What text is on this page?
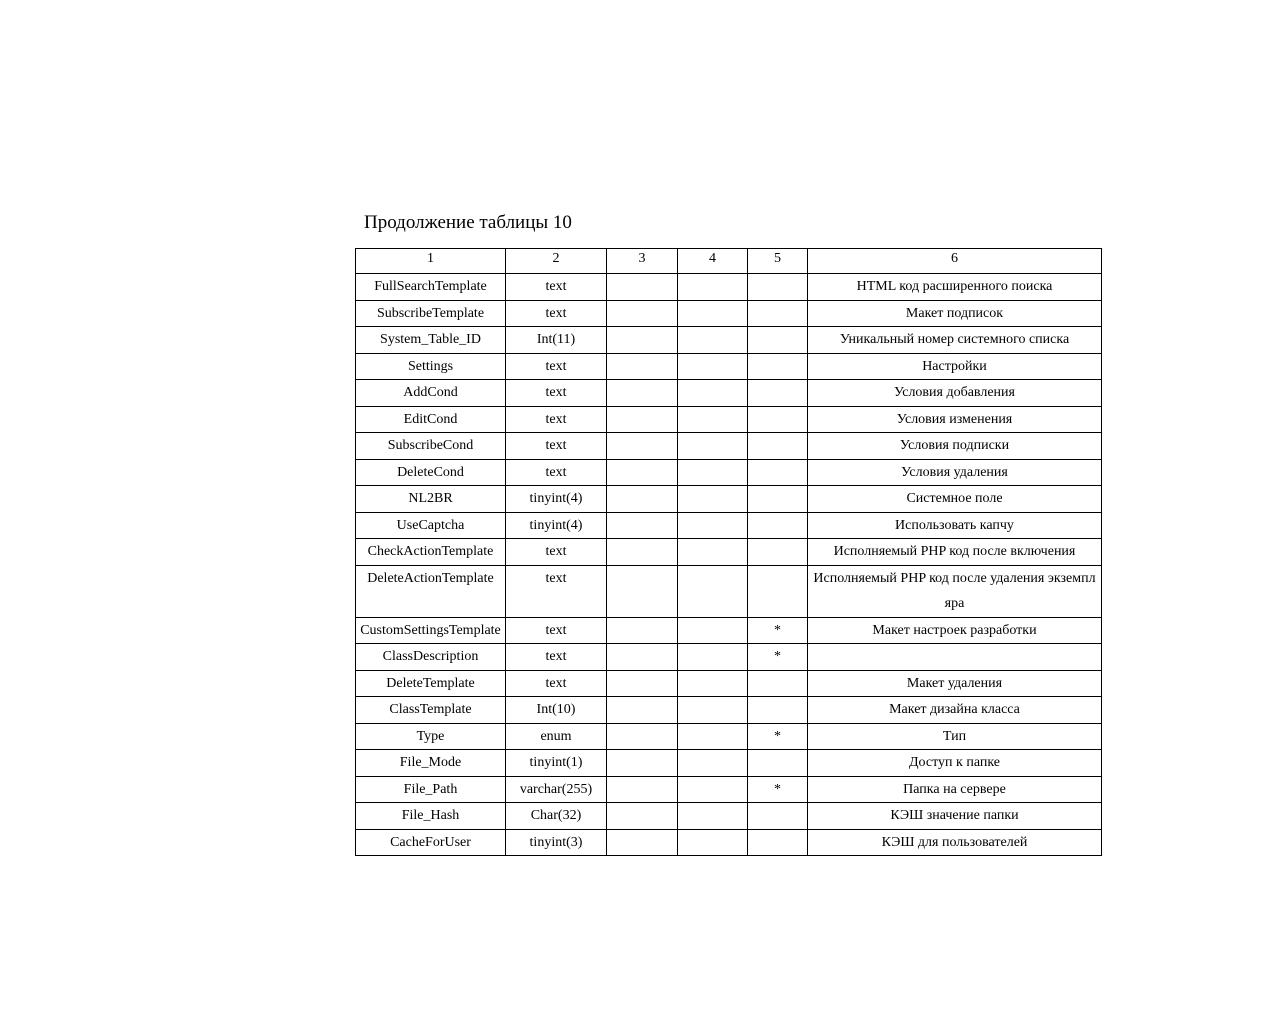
Продолжение таблицы 10
1	2	3	4	5	6
FullSearchTemplate	text				HTML код расширенного поиска
SubscribeTemplate	text				Макет подписок
System_Table_ID	Int(11)				Уникальный номер системного списка
Settings	text				Настройки
AddCond	text				Условия добавления
EditCond	text				Условия изменения
SubscribeCond	text				Условия подписки
DeleteCond	text				Условия удаления
NL2BR	tinyint(4)				Системное поле
UseCaptcha	tinyint(4)				Использовать капчу
CheckActionTemplate	text				Исполняемый PHP код после включения
DeleteActionTemplate	text				Исполняемый PHP код после удаления экземпляра
CustomSettingsTemplate	text			*	Макет настроек разработки
ClassDescription	text			*	
DeleteTemplate	text				Макет удаления
ClassTemplate	Int(10)				Макет дизайна класса
Type	enum			*	Тип
File_Mode	tinyint(1)				Доступ к папке
File_Path	varchar(255)			*	Папка на сервере
File_Hash	Char(32)				КЭШ значение папки
CacheForUser	tinyint(3)				КЭШ для пользователей
